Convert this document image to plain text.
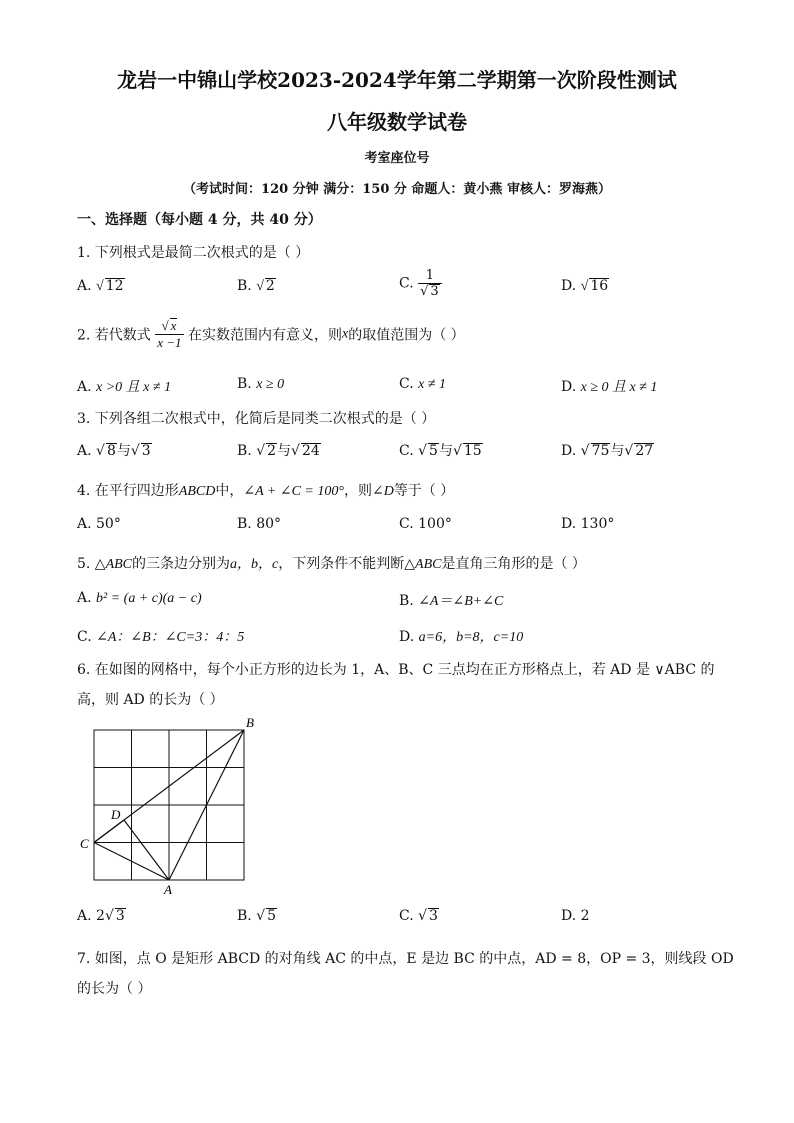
龙岩一中锦山学校2023-2024学年第二学期第一次阶段性测试
八年级数学试卷
考室座位号
（考试时间：120 分钟 满分：150 分 命题人：黄小燕 审核人：罗海燕）
一、选择题（每小题 4 分，共 40 分）
1. 下列根式是最简二次根式的是（ ）
A. √ 12	B. √ 2	C. $\frac{1}{√ 3}$	D. √ 16
2. 若代数式 $\frac{√ x}{x -1}$ 在实数范围内有意义，则x的取值范围为（ ）
A. x >0 且 x ≠ 1	B. x ≥ 0	C. x ≠ 1	D. x ≥ 0 且 x ≠ 1
3. 下列各组二次根式中，化简后是同类二次根式的是（ ）
A. √ 8与√ 3	B. √ 2与√ 24	C. √ 5与√ 15	D. √ 75与√ 27
4. 在平行四边形ABCD中，∠A + ∠C = 100°，则∠D等于（ ）
A. 50°	B. 80°	C. 100°	D. 130°
5. △ABC的三条边分别为a，b，c，下列条件不能判断△ABC是直角三角形的是（ ）
A. b² = (a + c)(a − c)	B. ∠A＝∠B+∠C
C. ∠A：∠B：∠C=3：4：5	D. a=6，b=8，c=10
6. 在如图的网格中，每个小正方形的边长为 1，A、B、C 三点均在正方形格点上，若 AD 是 ∨ABC 的
高，则 AD 的长为（ ）
B
C
D
A
A. 2√ 3	B. √ 5	C. √ 3	D. 2
7. 如图，点 O 是矩形 ABCD 的对角线 AC 的中点，E 是边 BC 的中点，AD = 8，OP = 3，则线段 OD
的长为（ ）
